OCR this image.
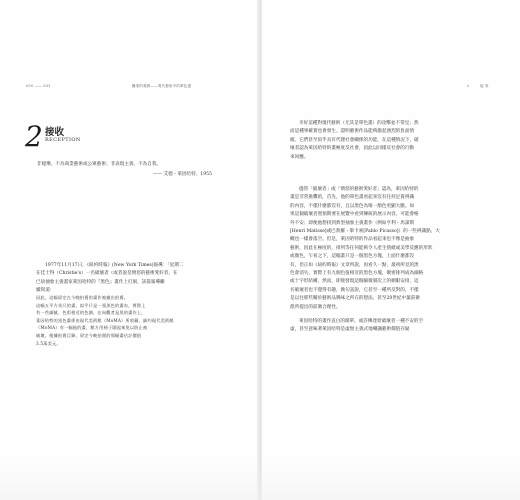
030 —— 031	醜業的義務——現代藝術中的單色畫
2 接收
RECEPTION
非噁樂、不為商業藝術或公眾藝術；非表現主義、不為自我。
—— 艾德・萊因哈特，1955

1977年11月17日，《紐約時報》(New York Times)報導：「星期二

在佳士得（Christie's）一名破壞者（或者說是憤怒的藝術愛好者，在

已故抽象主義畫家萊因哈特的『黑色』畫作上打洞，該篇報導繼

續寫道：

因此，這幅原定在今晚拍賣的畫作被撤出拍賣。
這幅五平方英尺的畫，似乎只是一張黑色的畫布，實際上
有一些細膩、色彩相近的色調，在向觀者是黑的畫作上，
萊因哈特的黑色畫係由現代美術館（MoMA）所收藏，細約現代美術館
（MoMA）有一幅他的畫，館方用椅子圍起來免以防止被
破壞。根據拍賣目錄，原定今晚拍賣的那幅畫估計價值
3.5萬美元。
2	接 收

幸好這種對現代藝術（尤其是單色畫）的攻擊並不常見；然

而這種事確實也會發生。證明藝術作品能夠激起強烈的負面情

緒。它們甚至似乎具有代理社會關係的功能，在這種情況下，破

壞者認為萊因哈特的畫極度反社會，因此以同樣反社會的行動

來回應。

儘管「破壞者」或「憤怒的藝術愛好者」認為，萊因哈特的

畫是非常挑釁的，首先，他的單色畫看起來沒有任何足資辨識

的內容，不僅什麼都沒有，且以黑色為唯一顏色更顯大膽。如

果這個破壞者照預期要在展覽中看到傳統的展示內容，可能會格

外不安；即便他想找到典型抽象主義畫作（例如亨利・馬諦斯

[Henri Matisse]或巴勃羅・畢卡索[Pablo Picasso]）的一些辨識點，大

概也一樣會落空。但是，萊因哈特的作品看起來也不像是抽象

藝術，因此在極度的，排列等任何能夠令人產生情緒或美學反應的形狀

或顏色，乍看之下，這幅畫只是一個黑色方塊，上面什麼都沒

有，但正如《紐約時報》文章所說，再看久一點，最初所見的黑

色會消失，實際上有九個色值相近的黑色方塊，聚密排列成為細格

或十字形結構，然而，即使發現這個細微層次上的網眼安排，這

名破壞者也不覺得有趣，換句話說，它甚至一種所反對的，不僅

是以往那些關於藝術品興味之所在的想法，甚至20世紀中葉前衛

派所提出的前衛合理性。

萊因哈特的畫作直白的簡單，或許傳達給破壞者一種不安的空

虛，甚至意味著萊因哈特是虛無主義式地嘲諷藝術價值存疑
